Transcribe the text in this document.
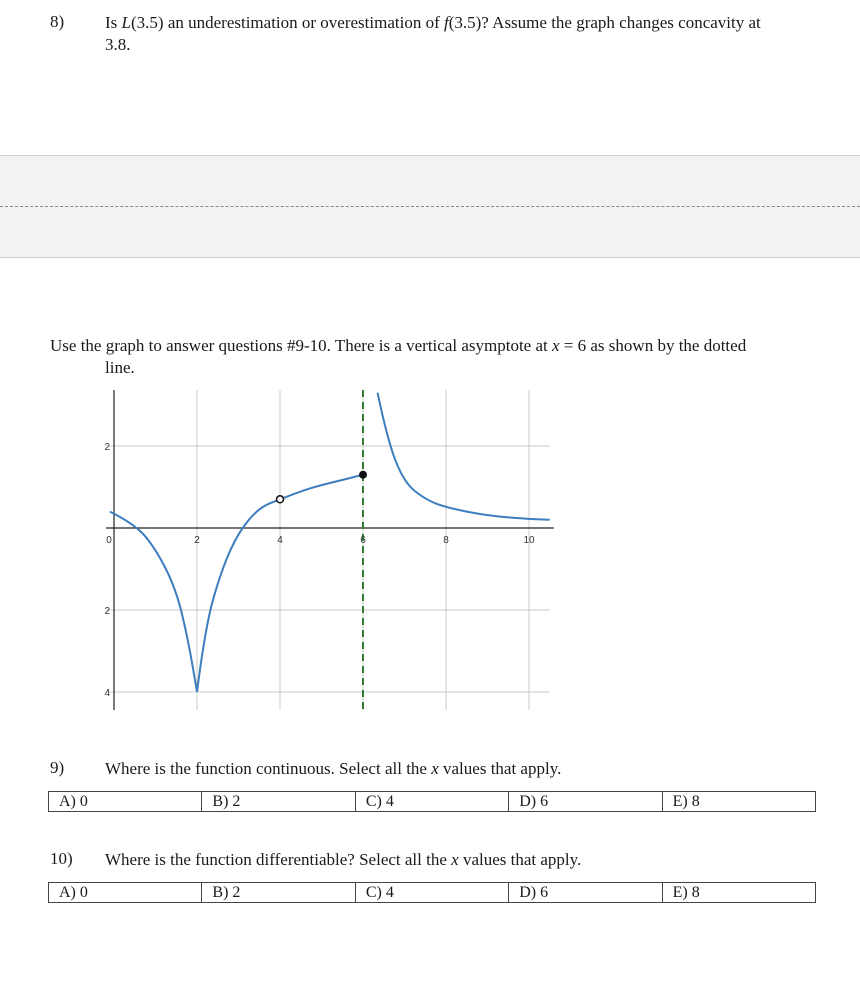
8) Is L(3.5) an underestimation or overestimation of f(3.5)? Assume the graph changes concavity at
3.8.
Use the graph to answer questions #9-10. There is a vertical asymptote at x = 6 as shown by the dotted
line.
0	2	4	6	8	10
2
2
4
9) Where is the function continuous. Select all the x values that apply.
A) 0	B) 2	C) 4	D) 6	E) 8
10) Where is the function differentiable? Select all the x values that apply.
A) 0	B) 2	C) 4	D) 6	E) 8
